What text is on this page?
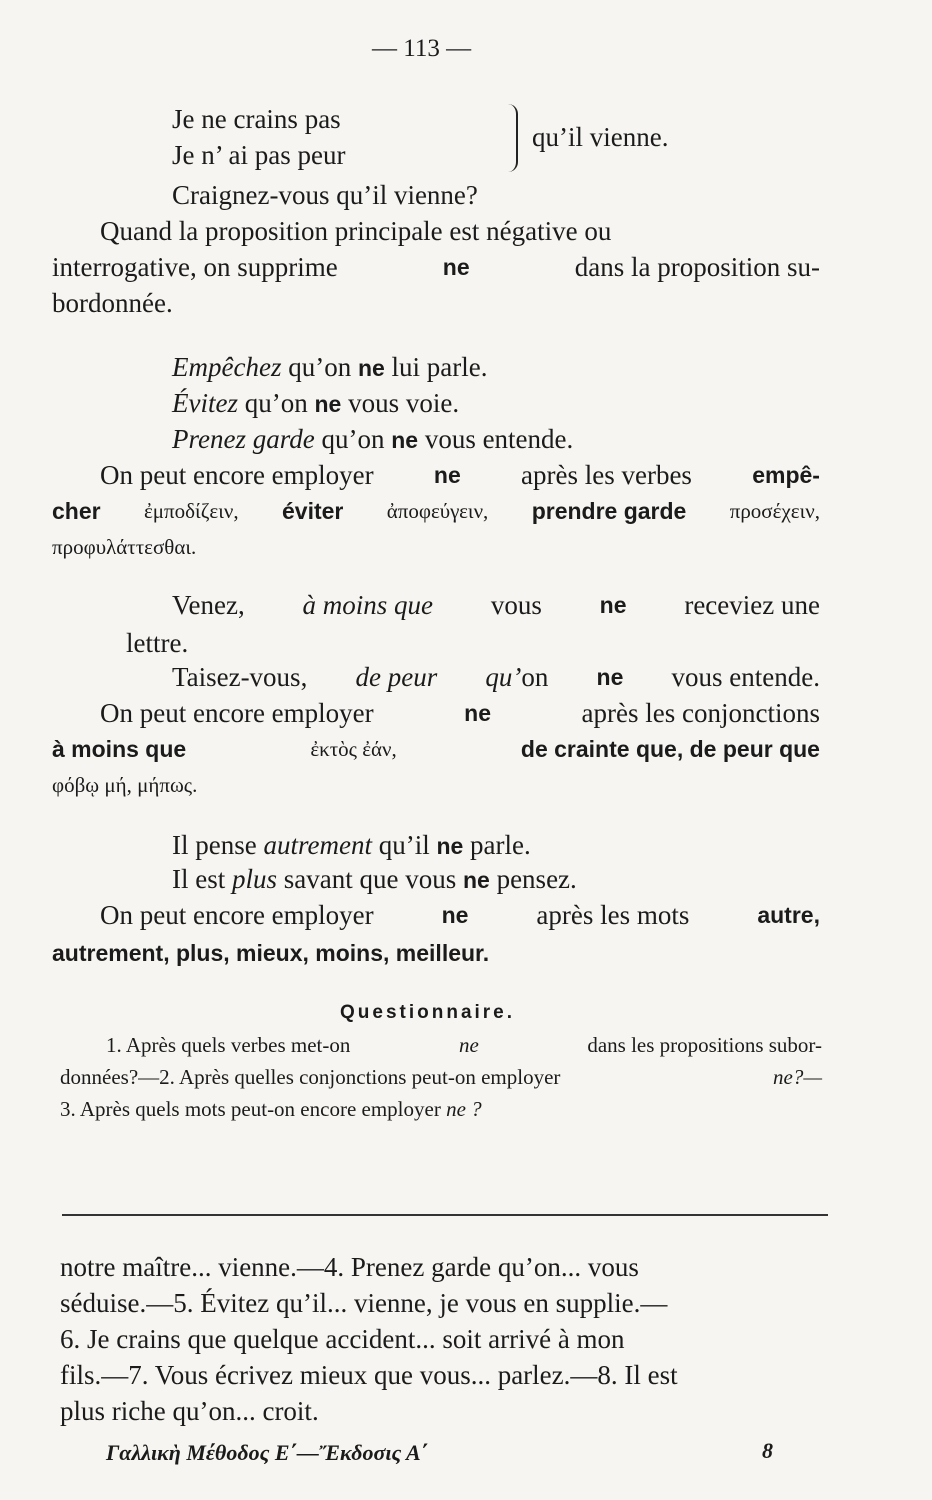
— 113 —
Je ne crains pas
Je n’ ai pas peur
qu’il vienne.
Craignez-vous qu’il vienne?
Quand la proposition principale est négative ou
interrogative, on supprime	ne	dans la proposition su-
bordonnée.
Empêchez qu’on ne lui parle.
Évitez qu’on ne vous voie.
Prenez garde qu’on ne vous entende.
On peut encore employer	ne après les verbes	empê-
cher ἐμποδίζειν, éviter ἀποφεύγειν, prendre garde προσέχειν,
προφυλάττεσθαι.
Venez, à moins que vous	ne receviez une
lettre.
Taisez-vous, de peur qu’on ne vous entende.
On peut encore employer	ne	après les conjonctions
à moins que	ἐκτὸς ἐάν,	de crainte que, de peur que
φόβῳ μή, μήπως.
Il pense autrement qu’il ne parle.
Il est plus savant que vous ne pensez.
On peut encore employer	ne	après les mots	autre,
autrement, plus, mieux, moins, meilleur.
Questionnaire.
1. Après quels verbes met-on	ne	dans les propositions subor-
données?—2. Après quelles conjonctions peut-on employer	ne?—
3. Après quels mots peut-on encore employer ne ?
notre maître... vienne.—4. Prenez garde qu’on... vous
séduise.—5. Évitez qu’il... vienne, je vous en supplie.—
6. Je crains que quelque accident... soit arrivé à mon
fils.—7. Vous écrivez mieux que vous... parlez.—8. Il est
plus riche qu’on... croit.
Γαλλικὴ Μέθοδος Ε΄—Ἔκδοσις Α΄	8
